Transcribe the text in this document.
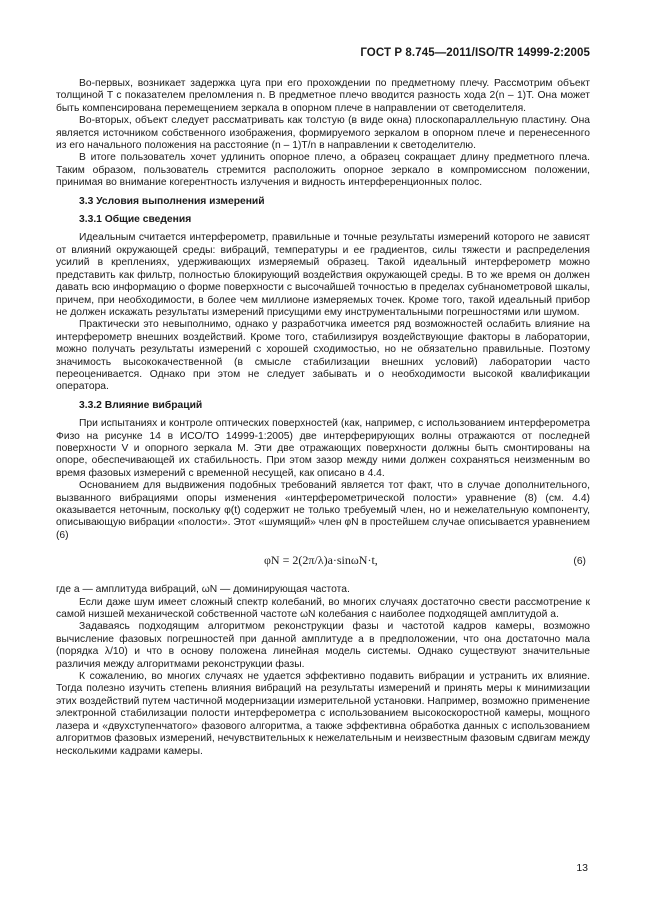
ГОСТ Р 8.745—2011/ISO/TR 14999-2:2005

Во-первых, возникает задержка цуга при его прохождении по предметному плечу. Рассмотрим объект толщиной T с показателем преломления n. В предметное плечо вводится разность хода 2(n – 1)T. Она может быть компенсирована перемещением зеркала в опорном плече в направлении от светоделителя.

Во-вторых, объект следует рассматривать как толстую (в виде окна) плоскопараллельную пластину. Она является источником собственного изображения, формируемого зеркалом в опорном плече и перенесенного из его начального положения на расстояние (n – 1)T/n в направлении к светоделителю.

В итоге пользователь хочет удлинить опорное плечо, а образец сокращает длину предметного плеча. Таким образом, пользователь стремится расположить опорное зеркало в компромиссном положении, принимая во внимание когерентность излучения и видность интерференционных полос.

3.3 Условия выполнения измерений
3.3.1 Общие сведения

Идеальным считается интерферометр, правильные и точные результаты измерений которого не зависят от влияний окружающей среды: вибраций, температуры и ее градиентов, силы тяжести и распределения усилий в креплениях, удерживающих измеряемый образец. Такой идеальный интерферометр можно представить как фильтр, полностью блокирующий воздействия окружающей среды. В то же время он должен давать всю информацию о форме поверхности с высочайшей точностью в пределах субнанометровой шкалы, причем, при необходимости, в более чем миллионе измеряемых точек. Кроме того, такой идеальный прибор не должен искажать результаты измерений присущими ему инструментальными погрешностями или шумом.

Практически это невыполнимо, однако у разработчика имеется ряд возможностей ослабить влияние на интерферометр внешних воздействий. Кроме того, стабилизируя воздействующие факторы в лаборатории, можно получать результаты измерений с хорошей сходимостью, но не обязательно правильные. Поэтому значимость высококачественной (в смысле стабилизации внешних условий) лаборатории часто переоценивается. Однако при этом не следует забывать и о необходимости высокой квалификации оператора.

3.3.2 Влияние вибраций

При испытаниях и контроле оптических поверхностей (как, например, с использованием интерферометра Физо на рисунке 14 в ИСО/ТО 14999-1:2005) две интерферирующих волны отражаются от последней поверхности V и опорного зеркала M. Эти две отражающих поверхности должны быть смонтированы на опоре, обеспечивающей их стабильность. При этом зазор между ними должен сохраняться неизменным во время фазовых измерений с временной несущей, как описано в 4.4.

Основанием для выдвижения подобных требований является тот факт, что в случае дополнительного, вызванного вибрациями опоры изменения «интерферометрической полости» уравнение (8) (см. 4.4) оказывается неточным, поскольку φ(t) содержит не только требуемый член, но и нежелательную компоненту, описывающую вибрации «полости». Этот «шумящий» член φN в простейшем случае описывается уравнением (6)

φN = 2(2π/λ)a·sinωN·t,	(6)

где a — амплитуда вибраций, ωN — доминирующая частота.

Если даже шум имеет сложный спектр колебаний, во многих случаях достаточно свести рассмотрение к самой низшей механической собственной частоте ωN колебания с наиболее подходящей амплитудой a.

Задаваясь подходящим алгоритмом реконструкции фазы и частотой кадров камеры, возможно вычисление фазовых погрешностей при данной амплитуде a в предположении, что она достаточно мала (порядка λ/10) и что в основу положена линейная модель системы. Однако существуют значительные различия между алгоритмами реконструкции фазы.

К сожалению, во многих случаях не удается эффективно подавить вибрации и устранить их влияние. Тогда полезно изучить степень влияния вибраций на результаты измерений и принять меры к минимизации этих воздействий путем частичной модернизации измерительной установки. Например, возможно применение электронной стабилизации полости интерферометра с использованием высокоскоростной камеры, мощного лазера и «двухступенчатого» фазового алгоритма, а также эффективна обработка данных с использованием алгоритмов фазовых измерений, нечувствительных к нежелательным и неизвестным фазовым сдвигам между несколькими кадрами камеры.

13
